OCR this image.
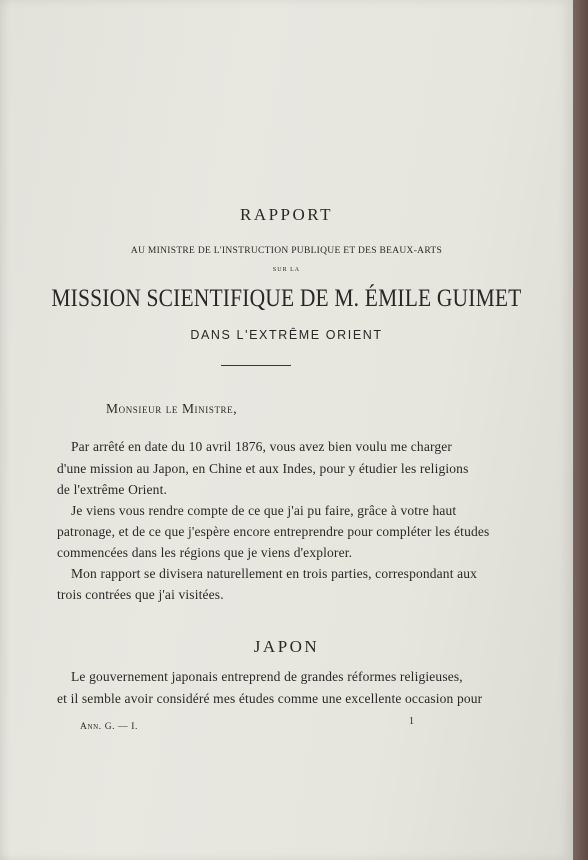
RAPPORT

AU MINISTRE DE L'INSTRUCTION PUBLIQUE ET DES BEAUX-ARTS

SUR LA

MISSION SCIENTIFIQUE DE M. ÉMILE GUIMET

DANS L'EXTRÊME ORIENT

Monsieur le Ministre,

Par arrêté en date du 10 avril 1876, vous avez bien voulu me charger

d'une mission au Japon, en Chine et aux Indes, pour y étudier les religions

de l'extrême Orient.

Je viens vous rendre compte de ce que j'ai pu faire, grâce à votre haut

patronage, et de ce que j'espère encore entreprendre pour compléter les études

commencées dans les régions que je viens d'explorer.

Mon rapport se divisera naturellement en trois parties, correspondant aux

trois contrées que j'ai visitées.

JAPON

Le gouvernement japonais entreprend de grandes réformes religieuses,

et il semble avoir considéré mes études comme une excellente occasion pour

Ann. G. — I.	1
